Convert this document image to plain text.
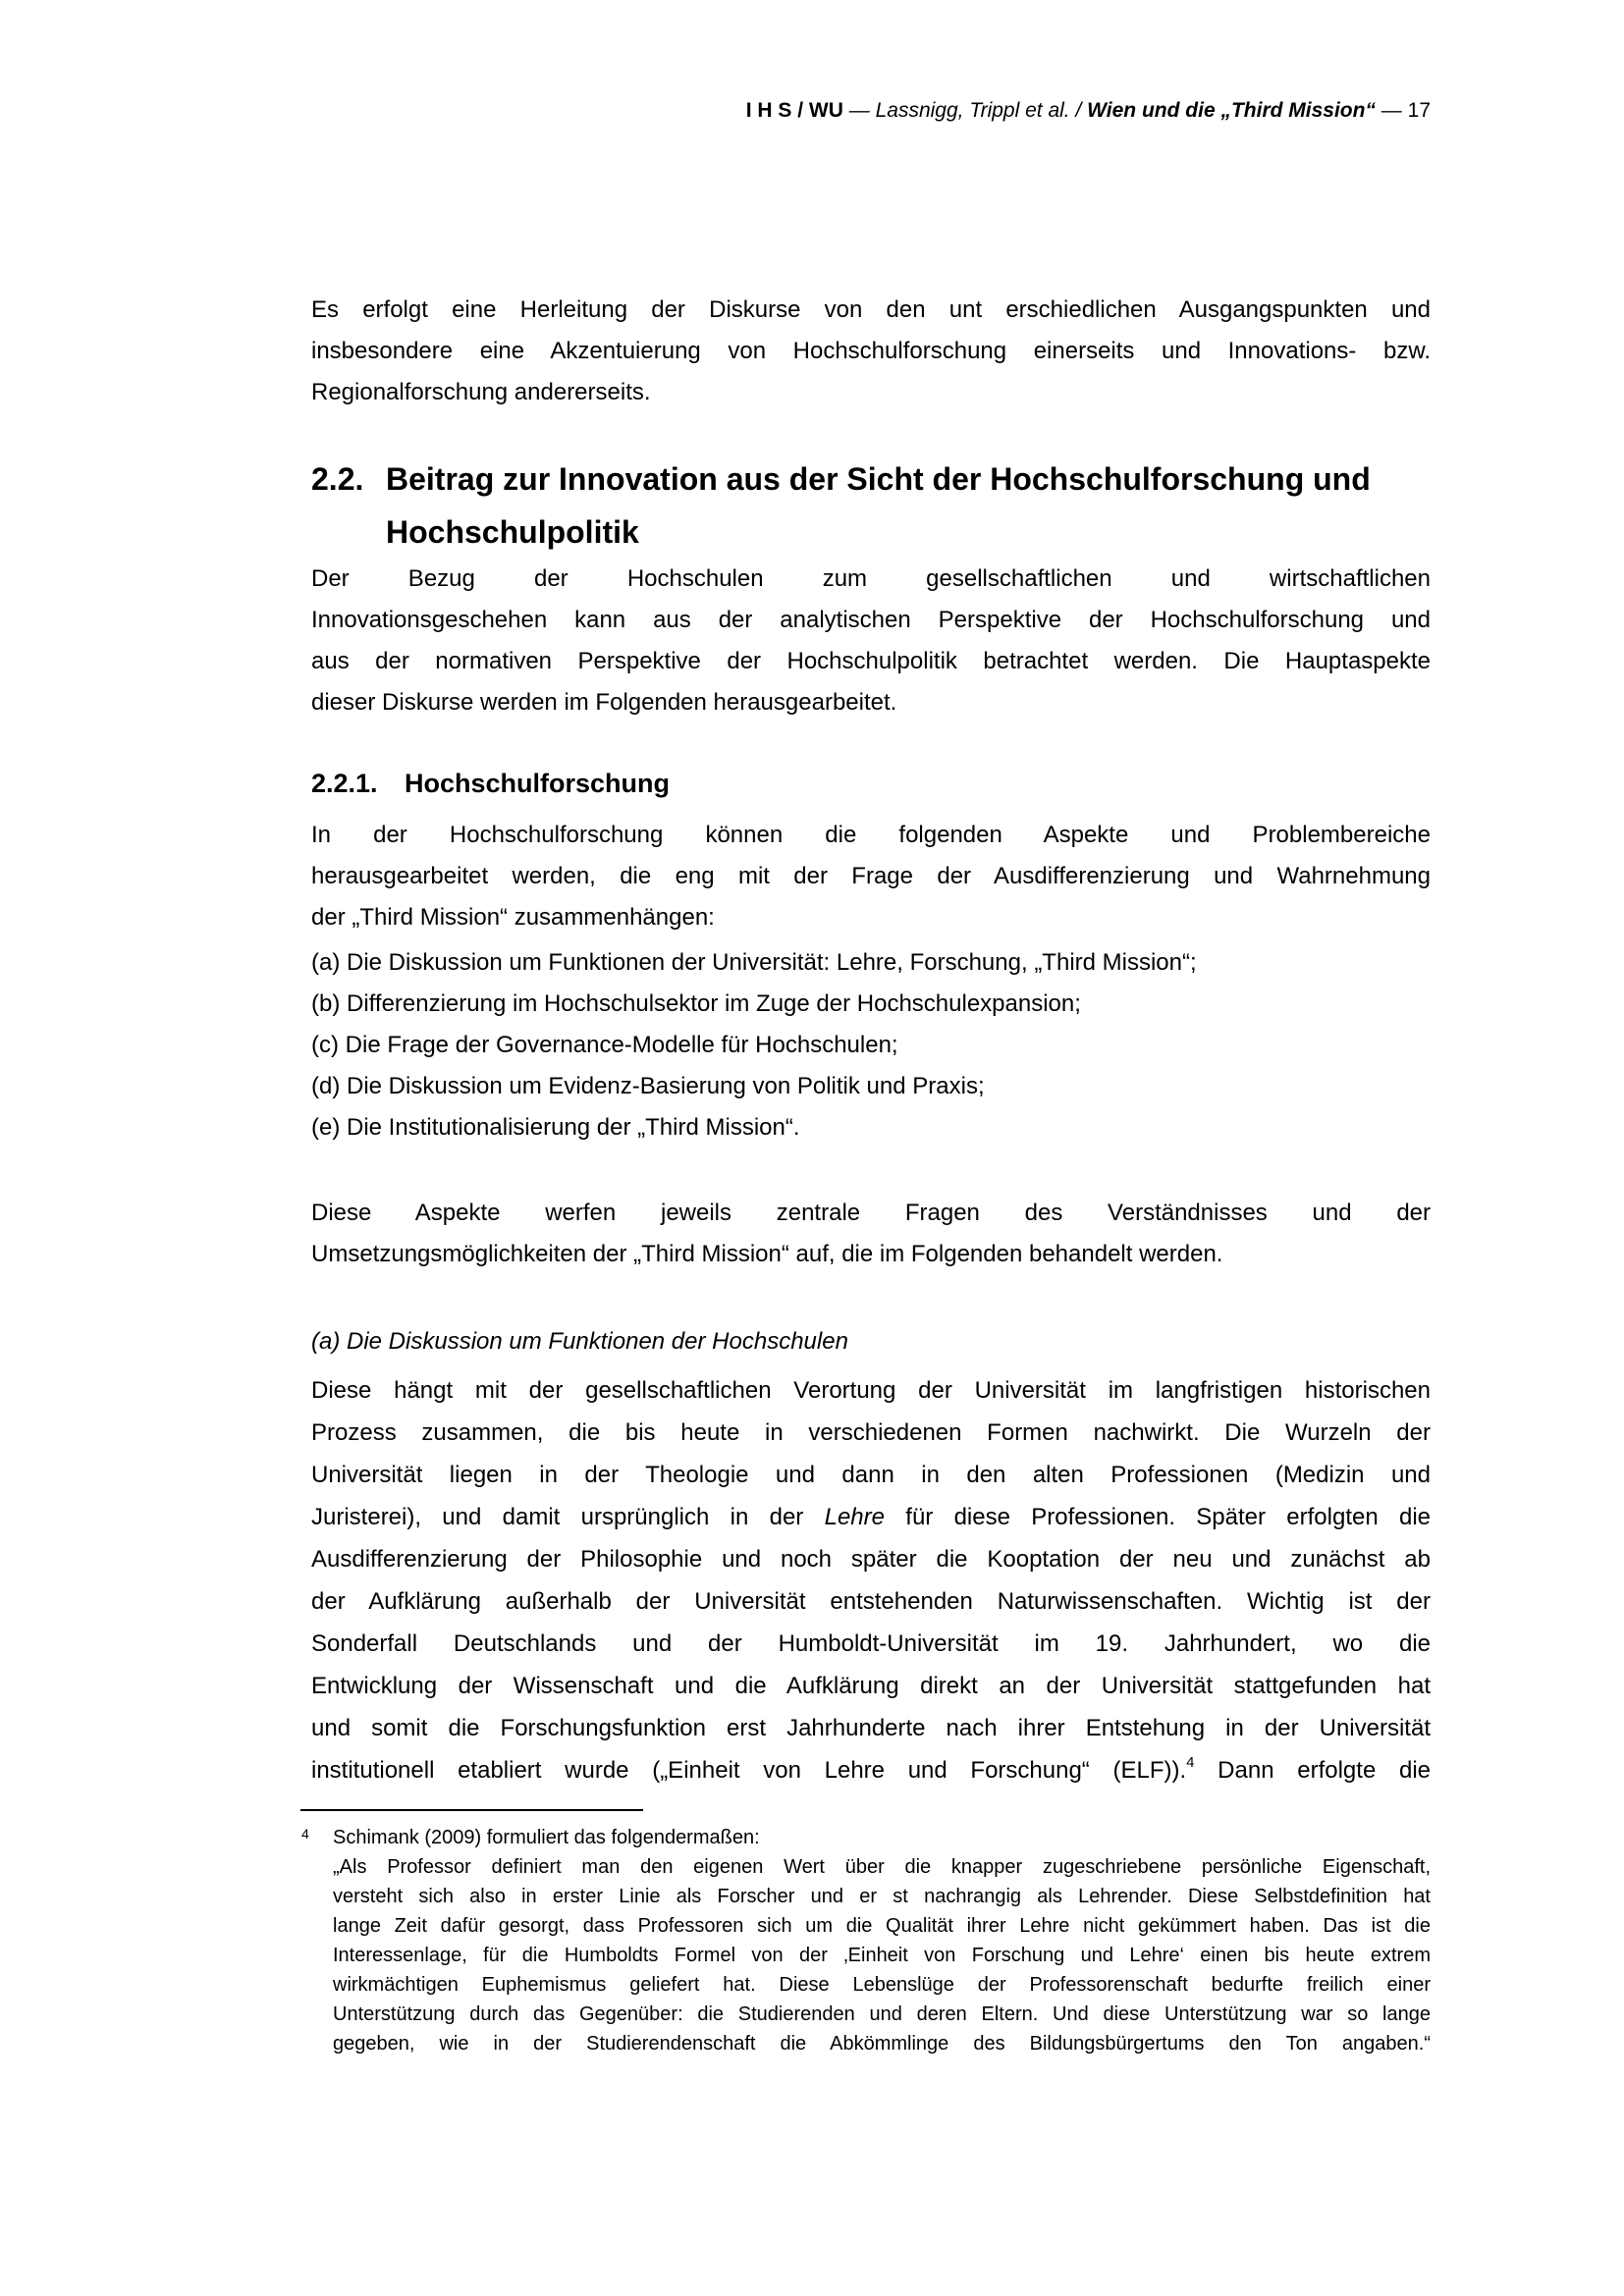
I H S / WU — Lassnigg, Trippl et al. / Wien und die „Third Mission“ — 17
Es erfolgt eine Herleitung der Diskurse von den unt erschiedlichen Ausgangspunkten und
insbesondere eine Akzentuierung von Hochschulforschung einerseits und Innovations- bzw.
Regionalforschung andererseits.
2.2. Beitrag zur Innovation aus der Sicht der Hochschulforschung und Hochschulpolitik
Der Bezug der Hochschulen zum gesellschaftlichen und wirtschaftlichen
Innovationsgeschehen kann aus der analytischen Perspektive der Hochschulforschung und
aus der normativen Perspektive der Hochschulpolitik betrachtet werden. Die Hauptaspekte
dieser Diskurse werden im Folgenden herausgearbeitet.
2.2.1.	Hochschulforschung
In der Hochschulforschung können die folgenden Aspekte und Problembereiche
herausgearbeitet werden, die eng mit der Frage der Ausdifferenzierung und Wahrnehmung
der „Third Mission“ zusammenhängen:
(a) Die Diskussion um Funktionen der Universität: Lehre, Forschung, „Third Mission“;
(b) Differenzierung im Hochschulsektor im Zuge der Hochschulexpansion;
(c) Die Frage der Governance-Modelle für Hochschulen;
(d) Die Diskussion um Evidenz-Basierung von Politik und Praxis;
(e) Die Institutionalisierung der „Third Mission“.
Diese Aspekte werfen jeweils zentrale Fragen des Verständnisses und der
Umsetzungsmöglichkeiten der „Third Mission“ auf, die im Folgenden behandelt werden.
(a) Die Diskussion um Funktionen der Hochschulen
Diese hängt mit der gesellschaftlichen Verortung der Universität im langfristigen historischen
Prozess zusammen, die bis heute in verschiedenen Formen nachwirkt. Die Wurzeln der
Universität liegen in der Theologie und dann in den alten Professionen (Medizin und
Juristerei), und damit ursprünglich in der Lehre für diese Professionen. Später erfolgten die
Ausdifferenzierung der Philosophie und noch später die Kooptation der neu und zunächst ab
der Aufklärung außerhalb der Universität entstehenden Naturwissenschaften. Wichtig ist der
Sonderfall Deutschlands und der Humboldt-Universität im 19. Jahrhundert, wo die
Entwicklung der Wissenschaft und die Aufklärung direkt an der Universität stattgefunden hat
und somit die Forschungsfunktion erst Jahrhunderte nach ihrer Entstehung in der Universität
institutionell etabliert wurde („Einheit von Lehre und Forschung“ (ELF)).$^4$ Dann erfolgte die
4 Schimank (2009) formuliert das folgendermaßen:
„Als Professor definiert man den eigenen Wert über die knapper zugeschriebene persönliche Eigenschaft,
versteht sich also in erster Linie als Forscher und er st nachrangig als Lehrender. Diese Selbstdefinition hat
lange Zeit dafür gesorgt, dass Professoren sich um die Qualität ihrer Lehre nicht gekümmert haben. Das ist die
Interessenlage, für die Humboldts Formel von der ‚Einheit von Forschung und Lehre‘ einen bis heute extrem
wirkmächtigen Euphemismus geliefert hat. Diese Lebenslüge der Professorenschaft bedurfte freilich einer
Unterstützung durch das Gegenüber: die Studierenden und deren Eltern. Und diese Unterstützung war so lange
gegeben, wie in der Studierendenschaft die Abkömmlinge des Bildungsbürgertums den Ton angaben.“
